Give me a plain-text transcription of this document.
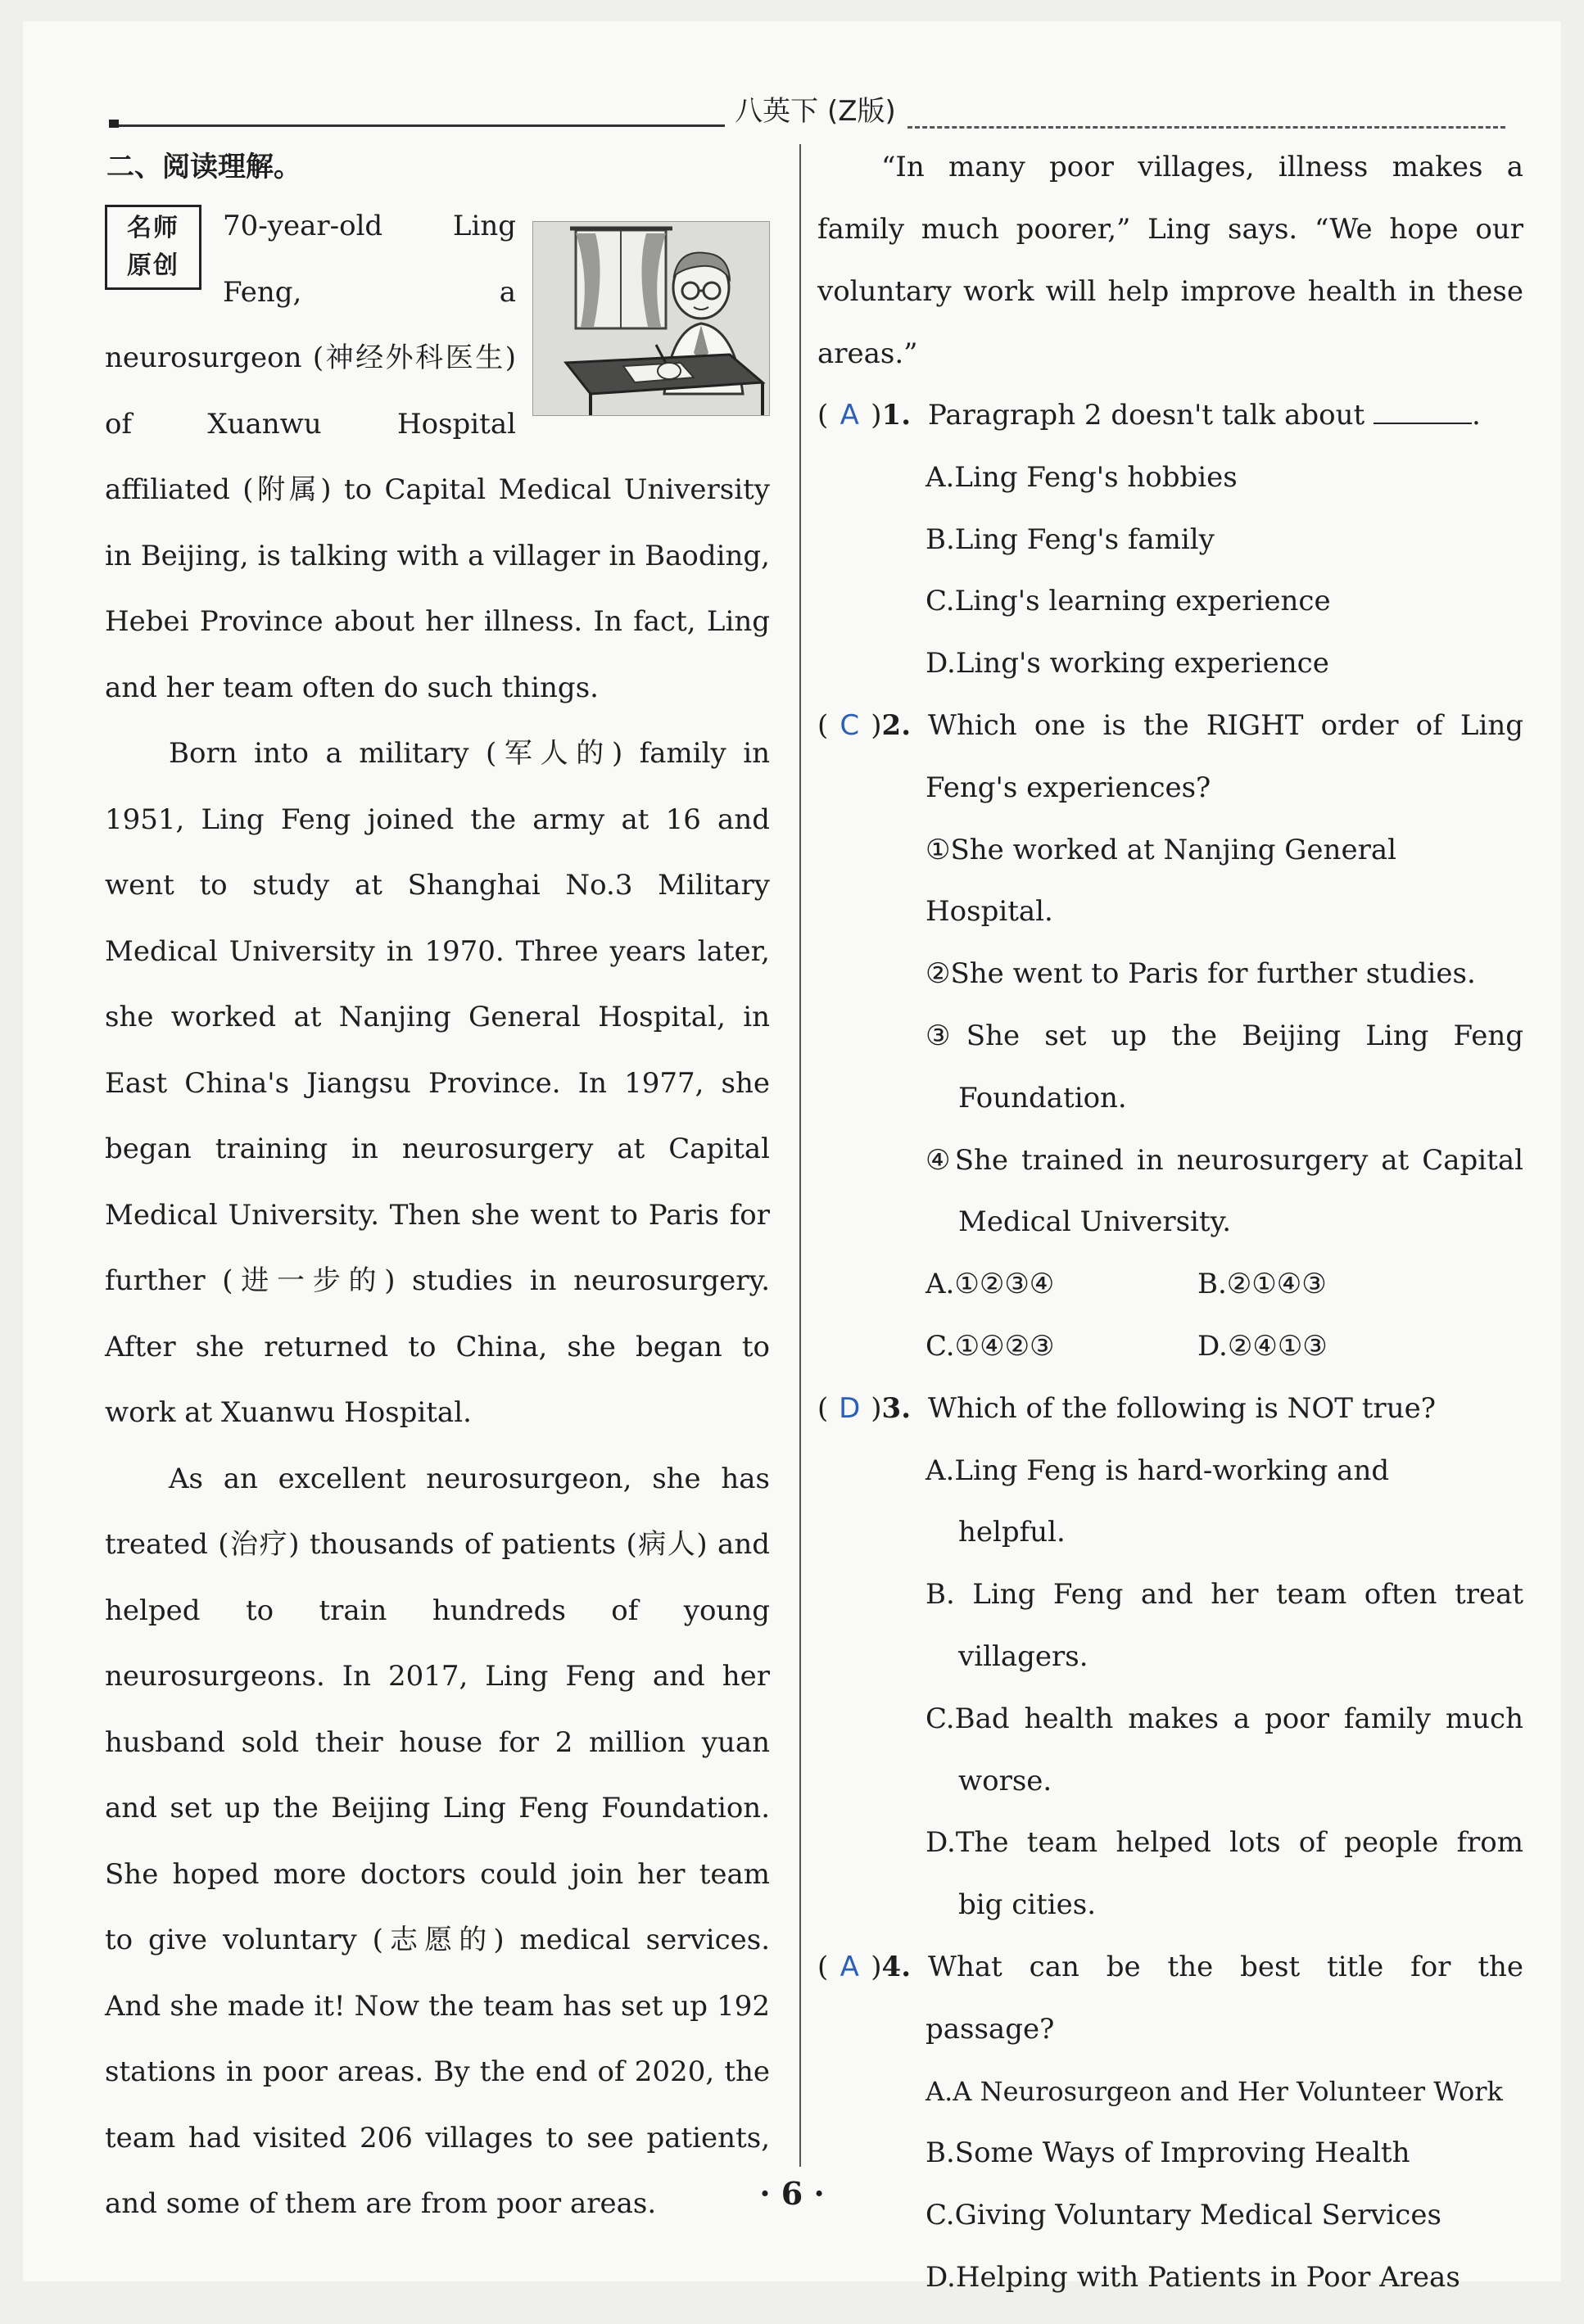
八英下 (Z版)
二、阅读理解。
名师
原创

70-year-old Ling Feng, a neurosurgeon (神经外科医生) of Xuanwu Hospital affiliated (附属) to Capital Medical University in Beijing, is talking with a villager in Baoding, Hebei Province about her illness. In fact, Ling and her team often do such things.

Born into a military (军人的) family in 1951, Ling Feng joined the army at 16 and went to study at Shanghai No.3 Military Medical University in 1970. Three years later, she worked at Nanjing General Hospital, in East China's Jiangsu Province. In 1977, she began training in neurosurgery at Capital Medical University. Then she went to Paris for further (进一步的) studies in neurosurgery. After she returned to China, she began to work at Xuanwu Hospital.

As an excellent neurosurgeon, she has treated (治疗) thousands of patients (病人) and helped to train hundreds of young neurosurgeons. In 2017, Ling Feng and her husband sold their house for 2 million yuan and set up the Beijing Ling Feng Foundation. She hoped more doctors could join her team to give voluntary (志愿的) medical services. And she made it! Now the team has set up 192 stations in poor areas. By the end of 2020, the team had visited 206 villages to see patients, and some of them are from poor areas.

“In many poor villages, illness makes a family much poorer,” Ling says. “We hope our voluntary work will help improve health in these areas.”

( A )1. Paragraph 2 doesn't talk about	.
A.Ling Feng's hobbies
B.Ling Feng's family
C.Ling's learning experience
D.Ling's working experience
( C )2. Which one is the RIGHT order of Ling
Feng's experiences?
①She worked at Nanjing General Hospital.
②She went to Paris for further studies.
③She set up the Beijing Ling Feng
Foundation.
④She trained in neurosurgery at Capital
Medical University.
A.①②③④	B.②①④③
C.①④②③	D.②④①③
( D )3. Which of the following is NOT true?
A.Ling Feng is hard-working and
helpful.
B. Ling Feng and her team often treat
villagers.
C.Bad health makes a poor family much
worse.
D.The team helped lots of people from
big cities.
( A )4. What can be the best title for the
passage?
A.A Neurosurgeon and Her Volunteer Work
B.Some Ways of Improving Health
C.Giving Voluntary Medical Services
D.Helping with Patients in Poor Areas
· 6 ·
